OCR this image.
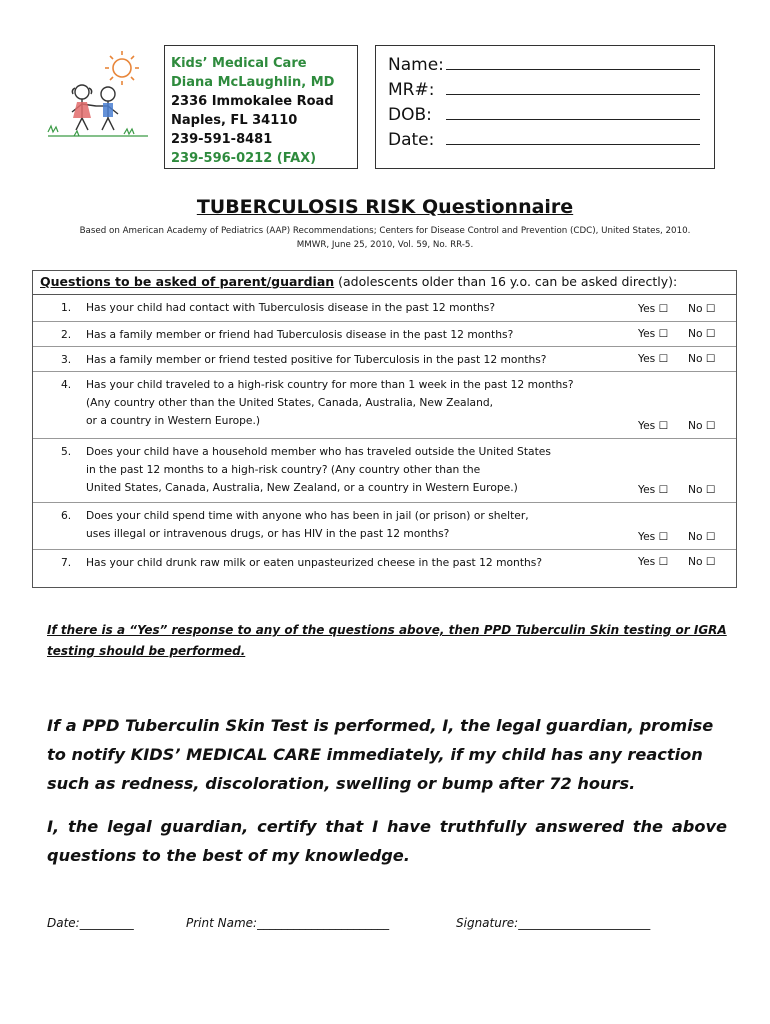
Kids’ Medical Care
Diana McLaughlin, MD
2336 Immokalee Road
Naples, FL 34110
239-591-8481
239-596-0212 (FAX)
Name:
MR#:
DOB:
Date:
TUBERCULOSIS RISK Questionnaire
Based on American Academy of Pediatrics (AAP) Recommendations; Centers for Disease Control and Prevention (CDC), United States, 2010.
MMWR, June 25, 2010, Vol. 59, No. RR-5.
Questions to be asked of parent/guardian (adolescents older than 16 y.o. can be asked directly):
1. Has your child had contact with Tuberculosis disease in the past 12 months?	Yes ☐ No ☐
2. Has a family member or friend had Tuberculosis disease in the past 12 months?	Yes ☐ No ☐
3. Has a family member or friend tested positive for Tuberculosis in the past 12 months?	Yes ☐ No ☐
4. Has your child traveled to a high-risk country for more than 1 week in the past 12 months?
(Any country other than the United States, Canada, Australia, New Zealand,
or a country in Western Europe.)	Yes ☐ No ☐
5. Does your child have a household member who has traveled outside the United States
in the past 12 months to a high-risk country? (Any country other than the
United States, Canada, Australia, New Zealand, or a country in Western Europe.)	Yes ☐ No ☐
6. Does your child spend time with anyone who has been in jail (or prison) or shelter,
uses illegal or intravenous drugs, or has HIV in the past 12 months?	Yes ☐ No ☐
7. Has your child drunk raw milk or eaten unpasteurized cheese in the past 12 months?	Yes ☐ No ☐
If there is a “Yes” response to any of the questions above, then PPD Tuberculin Skin testing or IGRA testing should be performed.
If a PPD Tuberculin Skin Test is performed, I, the legal guardian, promise to notify KIDS’ MEDICAL CARE immediately, if my child has any reaction such as redness, discoloration, swelling or bump after 72 hours.
I, the legal guardian, certify that I have truthfully answered the above questions to the best of my knowledge.
Date:_________	Print Name:______________________	Signature:______________________
